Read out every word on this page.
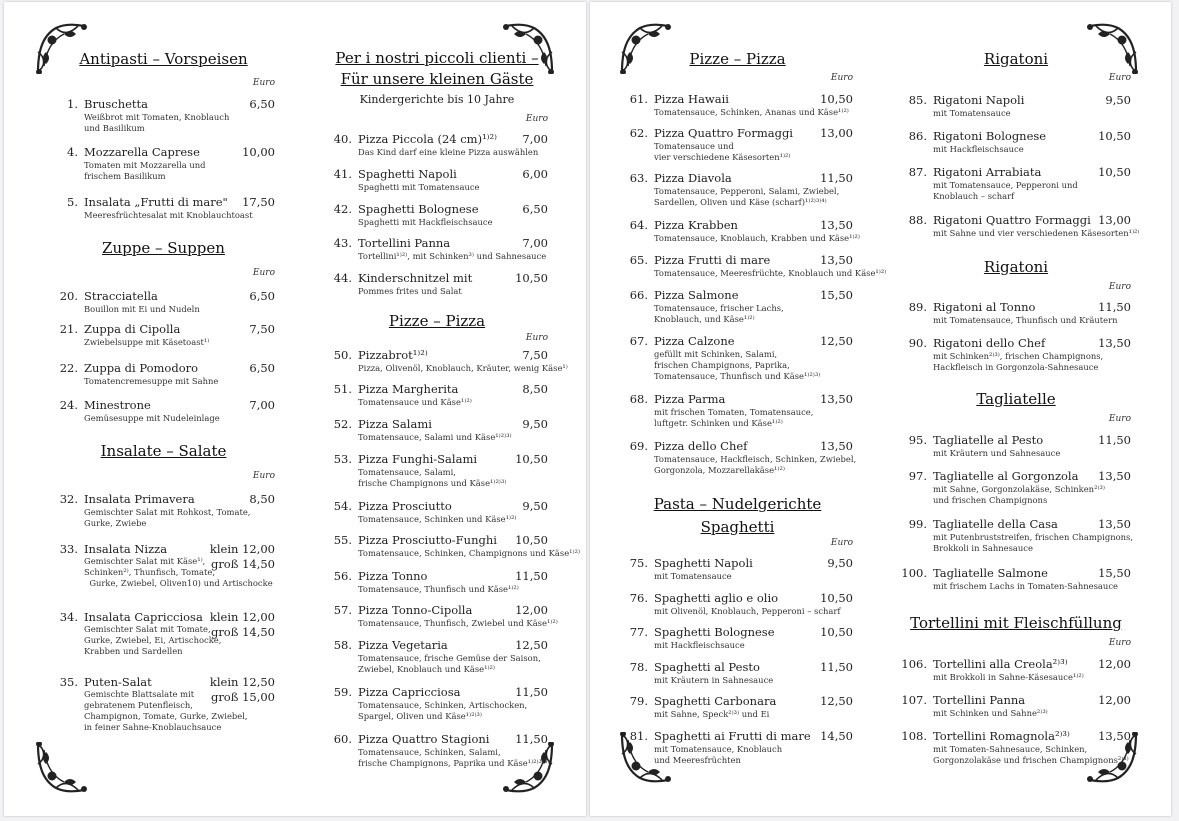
Antipasti – Vorspeisen
Euro
1. Bruschetta	6,50
Weißbrot mit Tomaten, Knoblauch
und Basilikum
4. Mozzarella Caprese	10,00
Tomaten mit Mozzarella und
frischem Basilikum
5. Insalata „Frutti di mare" 17,50
Meeresfrüchtesalat mit Knoblauchtoast
Zuppe – Suppen
Euro
20. Stracciatella	6,50
Bouillon mit Ei und Nudeln
21. Zuppa di Cipolla	7,50
Zwiebelsuppe mit Käsetoast¹⁾
22. Zuppa di Pomodoro	6,50
Tomatencremesuppe mit Sahne
24. Minestrone	7,00
Gemüsesuppe mit Nudeleinlage
Insalate – Salate
Euro
32. Insalata Primavera	8,50
Gemischter Salat mit Rohkost, Tomate,
Gurke, Zwiebe
33. Insalata Nizza	klein 12,00
groß 14,50
Gemischter Salat mit Käse¹⁾,
Schinken²⁾, Thunfisch, Tomate,
Gurke, Zwiebel, Oliven10) und Artischocke
34. Insalata Capricciosa klein 12,00
groß 14,50
Gemischter Salat mit Tomate,
Gurke, Zwiebel, Ei, Artischocke,
Krabben und Sardellen
35. Puten-Salat	klein 12,50
groß 15,00
Gemischte Blattsalate mit
gebratenem Putenfleisch,
Champignon, Tomate, Gurke, Zwiebel,
in feiner Sahne-Knoblauchsauce
Per i nostri piccoli clienti –
Für unsere kleinen Gäste
Kindergerichte bis 10 Jahre
Euro
40. Pizza Piccola (24 cm)¹⁾²⁾ 7,00
Das Kind darf eine kleine Pizza auswählen
41. Spaghetti Napoli	6,00
Spaghetti mit Tomatensauce
42. Spaghetti Bolognese	6,50
Spaghetti mit Hackfleischsauce
43. Tortellini Panna	7,00
Tortellini¹⁾²⁾, mit Schinken³⁾ und Sahnesauce
44. Kinderschnitzel mit	10,50
Pommes frites und Salat
Pizze – Pizza
Euro
50. Pizzabrot¹⁾²⁾	7,50
Pizza, Olivenöl, Knoblauch, Kräuter, wenig Käse¹⁾
51. Pizza Margherita	8,50
Tomatensauce und Käse¹⁾²⁾
52. Pizza Salami	9,50
Tomatensauce, Salami und Käse¹⁾²⁾³⁾
53. Pizza Funghi-Salami	10,50
Tomatensauce, Salami,
frische Champignons und Käse¹⁾²⁾³⁾
54. Pizza Prosciutto	9,50
Tomatensauce, Schinken und Käse¹⁾²⁾
55. Pizza Prosciutto-Funghi 10,50
Tomatensauce, Schinken, Champignons und Käse¹⁾²⁾
56. Pizza Tonno	11,50
Tomatensauce, Thunfisch und Käse¹⁾²⁾
57. Pizza Tonno-Cipolla	12,00
Tomatensauce, Thunfisch, Zwiebel und Käse¹⁾²⁾
58. Pizza Vegetaria	12,50
Tomatensauce, frische Gemüse der Saison,
Zwiebel, Knoblauch und Käse¹⁾²⁾
59. Pizza Capricciosa	11,50
Tomatensauce, Schinken, Artischocken,
Spargel, Oliven und Käse¹⁾²⁾³⁾
60. Pizza Quattro Stagioni 11,50
Tomatensauce, Schinken, Salami,
frische Champignons, Paprika und Käse¹⁾²⁾³⁾⁴⁾
Pizze – Pizza
Euro
61. Pizza Hawaii	10,50
Tomatensauce, Schinken, Ananas und Käse¹⁾²⁾
62. Pizza Quattro Formaggi 13,00
Tomatensauce und
vier verschiedene Käsesorten¹⁾²⁾
63. Pizza Diavola	11,50
Tomatensauce, Pepperoni, Salami, Zwiebel,
Sardellen, Oliven und Käse (scharf)¹⁾²⁾³⁾⁴⁾
64. Pizza Krabben	13,50
Tomatensauce, Knoblauch, Krabben und Käse¹⁾²⁾
65. Pizza Frutti di mare	13,50
Tomatensauce, Meeresfrüchte, Knoblauch und Käse¹⁾²⁾
66. Pizza Salmone	15,50
Tomatensauce, frischer Lachs,
Knoblauch, und Käse¹⁾²⁾
67. Pizza Calzone	12,50
gefüllt mit Schinken, Salami,
frischen Champignons, Paprika,
Tomatensauce, Thunfisch und Käse¹⁾²⁾³⁾
68. Pizza Parma	13,50
mit frischen Tomaten, Tomatensauce,
luftgetr. Schinken und Käse¹⁾²⁾
69. Pizza dello Chef	13,50
Tomatensauce, Hackfleisch, Schinken, Zwiebel,
Gorgonzola, Mozzarellakäse¹⁾²⁾
Pasta – Nudelgerichte
Spaghetti
Euro
75. Spaghetti Napoli	9,50
mit Tomatensauce
76. Spaghetti aglio e olio	10,50
mit Olivenöl, Knoblauch, Pepperoni – scharf
77. Spaghetti Bolognese	10,50
mit Hackfleischsauce
78. Spaghetti al Pesto	11,50
mit Kräutern in Sahnesauce
79. Spaghetti Carbonara	12,50
mit Sahne, Speck²⁾³⁾ und Ei
81. Spaghetti ai Frutti di mare 14,50
mit Tomatensauce, Knoblauch
und Meeresfrüchten
Rigatoni
Euro
85. Rigatoni Napoli	9,50
mit Tomatensauce
86. Rigatoni Bolognese	10,50
mit Hackfleischsauce
87. Rigatoni Arrabiata	10,50
mit Tomatensauce, Pepperoni und
Knoblauch – scharf
88. Rigatoni Quattro Formaggi 13,00
mit Sahne und vier verschiedenen Käsesorten¹⁾²⁾
Rigatoni
Euro
89. Rigatoni al Tonno	11,50
mit Tomatensauce, Thunfisch und Kräutern
90. Rigatoni dello Chef	13,50
mit Schinken²⁾³⁾, frischen Champignons,
Hackfleisch in Gorgonzola-Sahnesauce
Tagliatelle
Euro
95. Tagliatelle al Pesto	11,50
mit Kräutern und Sahnesauce
97. Tagliatelle al Gorgonzola 13,50
mit Sahne, Gorgonzolakäse, Schinken²⁾³⁾
und frischen Champignons
99. Tagliatelle della Casa	13,50
mit Putenbruststreifen, frischen Champignons,
Brokkoli in Sahnesauce
100. Tagliatelle Salmone	15,50
mit frischem Lachs in Tomaten-Sahnesauce
Tortellini mit Fleischfüllung
Euro
106. Tortellini alla Creola²⁾³⁾	12,00
mit Brokkoli in Sahne-Käsesauce¹⁾²⁾
107. Tortellini Panna	12,00
mit Schinken und Sahne²⁾³⁾
108. Tortellini Romagnola²⁾³⁾ 13,50
mit Tomaten-Sahnesauce, Schinken,
Gorgonzolakäse und frischen Champignons²⁾³⁾
